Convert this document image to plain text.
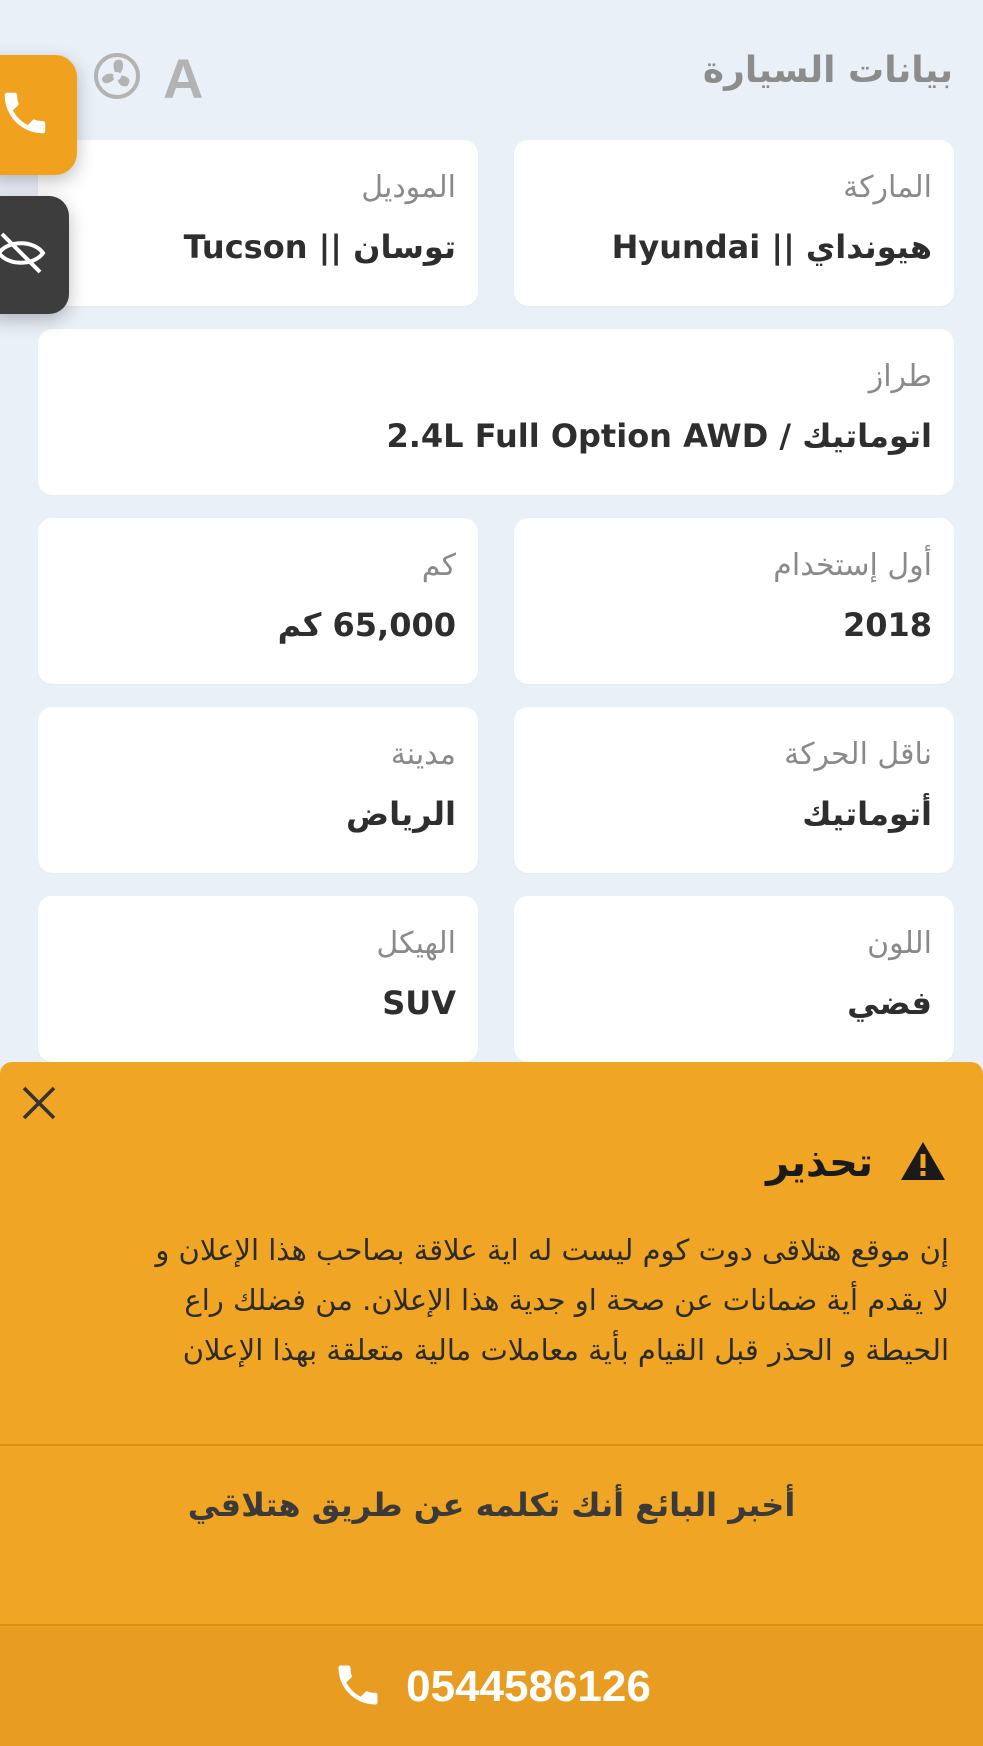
بيانات السيارة
A
الماركة
هيونداي || Hyundai
الموديل
توسان || Tucson
طراز
اتوماتيك / 2.4L Full Option AWD
أول إستخدام
2018
كم
65,000 كم
ناقل الحركة
أتوماتيك
مدينة
الرياض
اللون
فضي
الهيكل
SUV
تحذير
إن موقع هتلاقى دوت كوم ليست له اية علاقة بصاحب هذا الإعلان و
لا يقدم أية ضمانات عن صحة او جدية هذا الإعلان. من فضلك راع
الحيطة و الحذر قبل القيام بأية معاملات مالية متعلقة بهذا الإعلان
أخبر البائع أنك تكلمه عن طريق هتلاقي
0544586126
